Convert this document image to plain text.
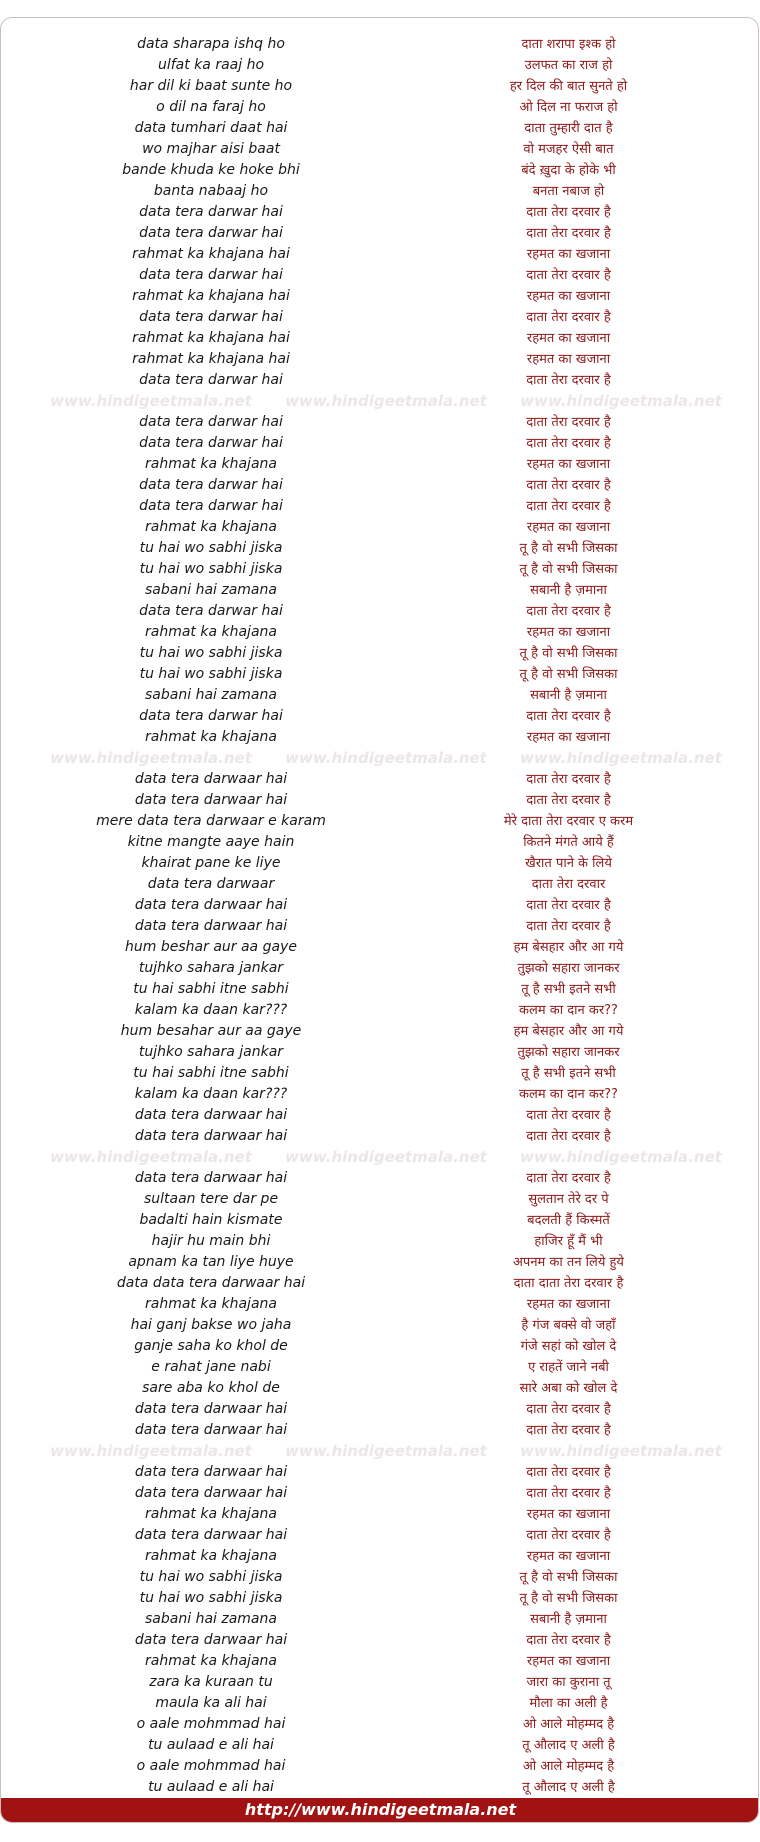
data sharapa ishq ho	दाता शरापा इश्क हो
ulfat ka raaj ho	उलफत का राज हो
har dil ki baat sunte ho	हर दिल की बात सुनते हो
o dil na faraj ho	ओ दिल ना फराज हो
data tumhari daat hai	दाता तुम्हारी दात है
wo majhar aisi baat	वो मजहर ऐसी बात
bande khuda ke hoke bhi	बंदे ख़ुदा के होके भी
banta nabaaj ho	बनता नबाज हो
data tera darwar hai	दाता तेरा दरवार है
data tera darwar hai	दाता तेरा दरवार है
rahmat ka khajana hai	रहमत का खजाना
data tera darwar hai	दाता तेरा दरवार है
rahmat ka khajana hai	रहमत का खजाना
data tera darwar hai	दाता तेरा दरवार है
rahmat ka khajana hai	रहमत का खजाना
rahmat ka khajana hai	रहमत का खजाना
data tera darwar hai	दाता तेरा दरवार है
www.hindigeetmala.net	www.hindigeetmala.net	www.hindigeetmala.net
data tera darwar hai	दाता तेरा दरवार है
data tera darwar hai	दाता तेरा दरवार है
rahmat ka khajana	रहमत का खजाना
data tera darwar hai	दाता तेरा दरवार है
data tera darwar hai	दाता तेरा दरवार है
rahmat ka khajana	रहमत का खजाना
tu hai wo sabhi jiska	तू है वो सभी जिसका
tu hai wo sabhi jiska	तू है वो सभी जिसका
sabani hai zamana	सबानी है ज़माना
data tera darwar hai	दाता तेरा दरवार है
rahmat ka khajana	रहमत का खजाना
tu hai wo sabhi jiska	तू है वो सभी जिसका
tu hai wo sabhi jiska	तू है वो सभी जिसका
sabani hai zamana	सबानी है ज़माना
data tera darwar hai	दाता तेरा दरवार है
rahmat ka khajana	रहमत का खजाना
www.hindigeetmala.net	www.hindigeetmala.net	www.hindigeetmala.net
data tera darwaar hai	दाता तेरा दरवार है
data tera darwaar hai	दाता तेरा दरवार है
mere data tera darwaar e karam	मेरे दाता तेरा दरवार ए करम
kitne mangte aaye hain	कितने मंगते आये हैं
khairat pane ke liye	खैरात पाने के लिये
data tera darwaar	दाता तेरा दरवार
data tera darwaar hai	दाता तेरा दरवार है
data tera darwaar hai	दाता तेरा दरवार है
hum beshar aur aa gaye	हम बेसहार और आ गये
tujhko sahara jankar	तुझको सहारा जानकर
tu hai sabhi itne sabhi	तू है सभी इतने सभी
kalam ka daan kar???	कलम का दान कर??
hum besahar aur aa gaye	हम बेसहार और आ गये
tujhko sahara jankar	तुझको सहारा जानकर
tu hai sabhi itne sabhi	तू है सभी इतने सभी
kalam ka daan kar???	कलम का दान कर??
data tera darwaar hai	दाता तेरा दरवार है
data tera darwaar hai	दाता तेरा दरवार है
www.hindigeetmala.net	www.hindigeetmala.net	www.hindigeetmala.net
data tera darwaar hai	दाता तेरा दरवार है
sultaan tere dar pe	सुलतान तेरे दर पे
badalti hain kismate	बदलती हैं किस्मतें
hajir hu main bhi	हाजिर हूँ मैं भी
apnam ka tan liye huye	अपनम का तन लिये हुये
data data tera darwaar hai	दाता दाता तेरा दरवार है
rahmat ka khajana	रहमत का खजाना
hai ganj bakse wo jaha	है गंज बक्से वो जहाँ
ganje saha ko khol de	गंजे सहां को खोल दे
e rahat jane nabi	ए राहतें जाने नबी
sare aba ko khol de	सारे अबा को खोल दे
data tera darwaar hai	दाता तेरा दरवार है
data tera darwaar hai	दाता तेरा दरवार है
www.hindigeetmala.net	www.hindigeetmala.net	www.hindigeetmala.net
data tera darwaar hai	दाता तेरा दरवार है
data tera darwaar hai	दाता तेरा दरवार है
rahmat ka khajana	रहमत का खजाना
data tera darwaar hai	दाता तेरा दरवार है
rahmat ka khajana	रहमत का खजाना
tu hai wo sabhi jiska	तू है वो सभी जिसका
tu hai wo sabhi jiska	तू है वो सभी जिसका
sabani hai zamana	सबानी है ज़माना
data tera darwaar hai	दाता तेरा दरवार है
rahmat ka khajana	रहमत का खजाना
zara ka kuraan tu	जारा का कुराना तू
maula ka ali hai	मौला का अली है
o aale mohmmad hai	ओ आले मोहम्मद है
tu aulaad e ali hai	तू औलाद ए अली है
o aale mohmmad hai	ओ आले मोहम्मद है
tu aulaad e ali hai	तू औलाद ए अली है
http://www.hindigeetmala.net
